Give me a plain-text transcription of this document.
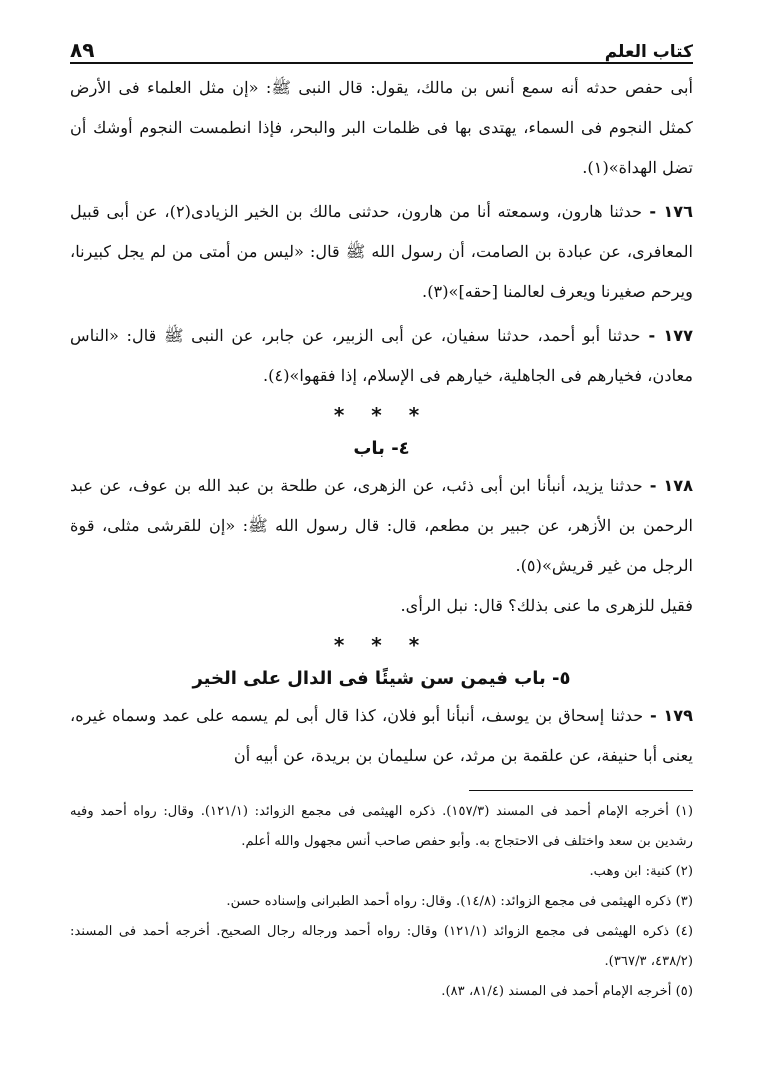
كتاب العلم
٨٩

أبى حفص حدثه أنه سمع أنس بن مالك، يقول: قال النبى ﷺ: «إن مثل العلماء فى الأرض كمثل النجوم فى السماء، يهتدى بها فى ظلمات البر والبحر، فإذا انطمست النجوم أوشك أن تضل الهداة»(١).

١٧٦ - حدثنا هارون، وسمعته أنا من هارون، حدثنى مالك بن الخير الزيادى(٢)، عن أبى قبيل المعافرى، عن عبادة بن الصامت، أن رسول الله ﷺ قال: «ليس من أمتى من لم يجل كبيرنا، ويرحم صغيرنا ويعرف لعالمنا [حقه]»(٣).

١٧٧ - حدثنا أبو أحمد، حدثنا سفيان، عن أبى الزبير، عن جابر، عن النبى ﷺ قال: «الناس معادن، فخيارهم فى الجاهلية، خيارهم فى الإسلام، إذا فقهوا»(٤).

* * *
٤- باب

١٧٨ - حدثنا يزيد، أنبأنا ابن أبى ذئب، عن الزهرى، عن طلحة بن عبد الله بن عوف، عن عبد الرحمن بن الأزهر، عن جبير بن مطعم، قال: قال رسول الله ﷺ: «إن للقرشى مثلى، قوة الرجل من غير قريش»(٥).

فقيل للزهرى ما عنى بذلك؟ قال: نبل الرأى.

* * *
٥- باب فيمن سن شيئًا فى الدال على الخير

١٧٩ - حدثنا إسحاق بن يوسف، أنبأنا أبو فلان، كذا قال أبى لم يسمه على عمد وسماه غيره، يعنى أبا حنيفة، عن علقمة بن مرثد، عن سليمان بن بريدة، عن أبيه أن

(١) أخرجه الإمام أحمد فى المسند (١٥٧/٣). ذكره الهيثمى فى مجمع الزوائد: (١٢١/١). وقال: رواه أحمد وفيه رشدين بن سعد واختلف فى الاحتجاج به. وأبو حفص صاحب أنس مجهول والله أعلم.

(٢) كنية: ابن وهب.

(٣) ذكره الهيثمى فى مجمع الزوائد: (١٤/٨). وقال: رواه أحمد الطبرانى وإسناده حسن.

(٤) ذكره الهيثمى فى مجمع الزوائد (١٢١/١) وقال: رواه أحمد ورجاله رجال الصحيح. أخرجه أحمد فى المسند: (٤٣٨/٢، ٣٦٧/٣).

(٥) أخرجه الإمام أحمد فى المسند (٨١/٤، ٨٣).
